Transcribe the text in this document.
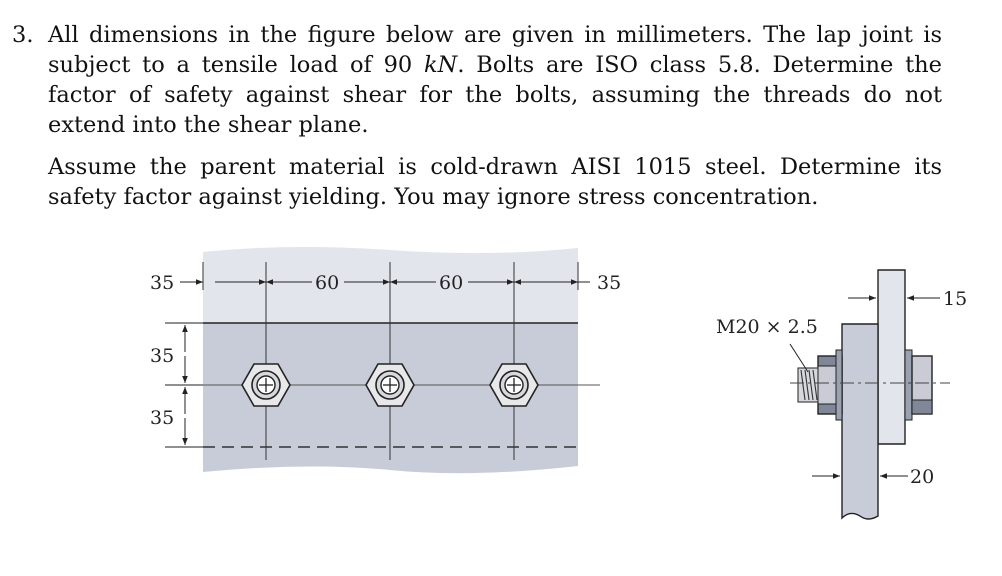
3. All dimensions in the figure below are given in millimeters. The lap joint is subject to a tensile load of 90 kN. Bolts are ISO class 5.8. Determine the factor of safety against shear for the bolts, assuming the threads do not extend into the shear plane.
Assume the parent material is cold-drawn AISI 1015 steel. Determine its safety factor against yielding. You may ignore stress concentration.
35	60	60	35
35
35
M20 × 2.5
15
20
